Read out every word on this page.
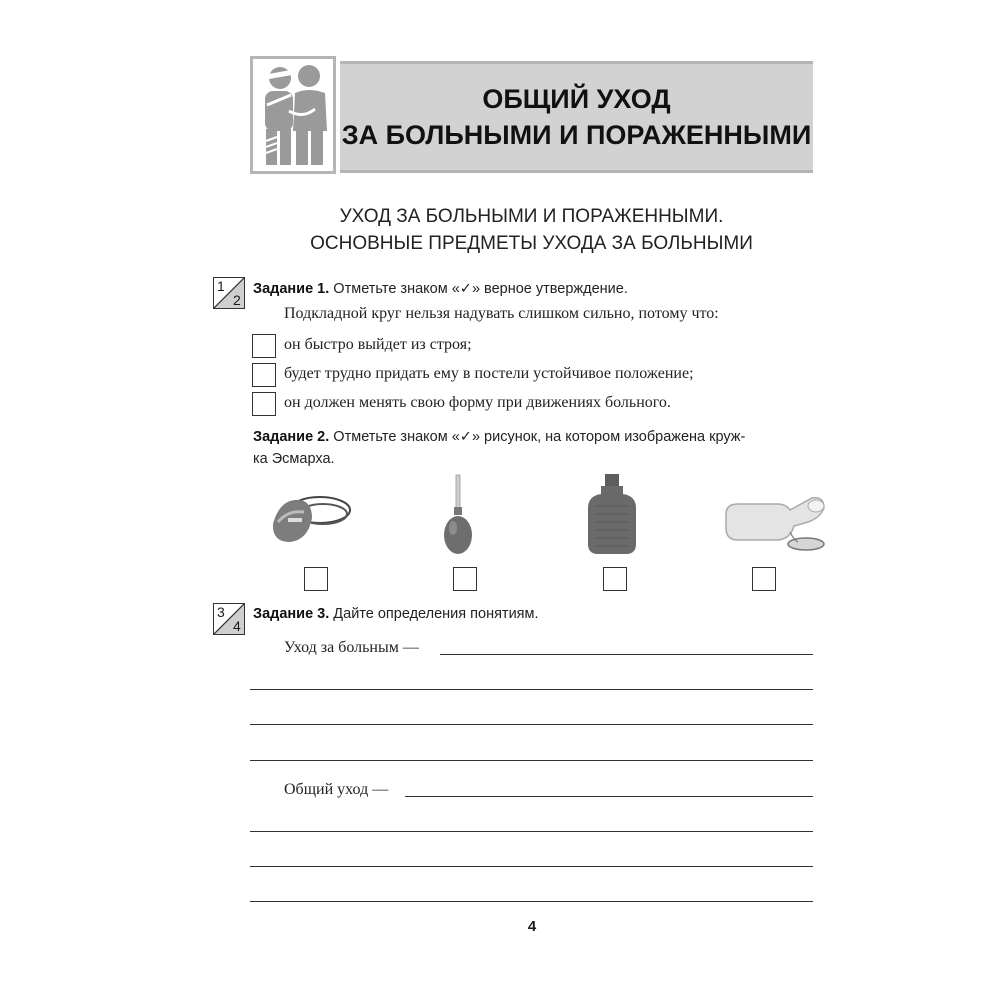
ОБЩИЙ УХОД
ЗА БОЛЬНЫМИ И ПОРАЖЕННЫМИ
УХОД ЗА БОЛЬНЫМИ И ПОРАЖЕННЫМИ.
ОСНОВНЫЕ ПРЕДМЕТЫ УХОДА ЗА БОЛЬНЫМИ
1
2
Задание 1. Отметьте знаком «✓» верное утверждение.
Подкладной круг нельзя надувать слишком сильно, потому что:
он быстро выйдет из строя;
будет трудно придать ему в постели устойчивое положение;
он должен менять свою форму при движениях больного.
Задание 2. Отметьте знаком «✓» рисунок, на котором изображена круж-
ка Эсмарха.
3
4
Задание 3. Дайте определения понятиям.
Уход за больным —
Общий уход —
4
